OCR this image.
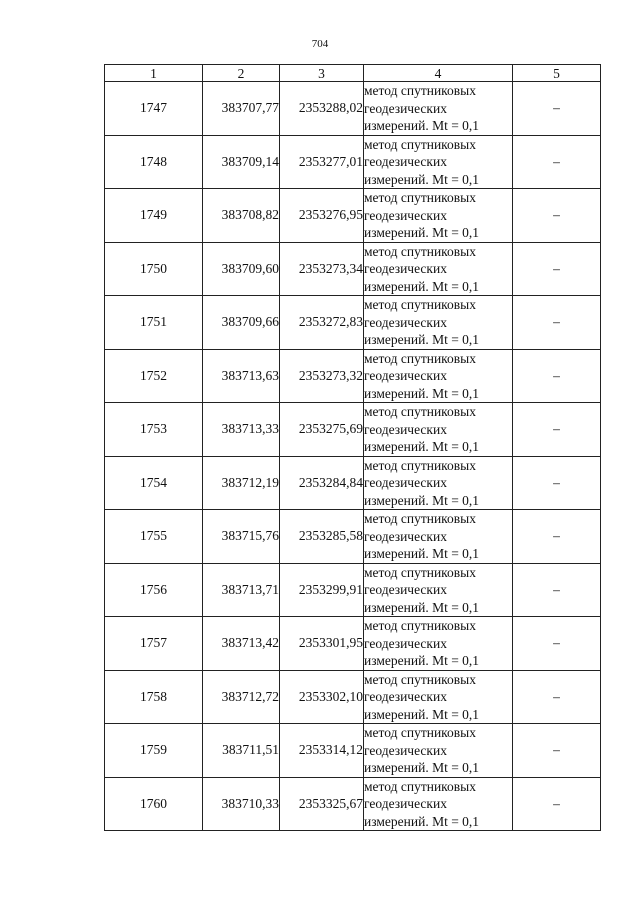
704
1	2	3	4	5
1747	383707,77	2353288,02	метод спутниковых
геодезических
измерений. Mt = 0,1	–
1748	383709,14	2353277,01	метод спутниковых
геодезических
измерений. Mt = 0,1	–
1749	383708,82	2353276,95	метод спутниковых
геодезических
измерений. Mt = 0,1	–
1750	383709,60	2353273,34	метод спутниковых
геодезических
измерений. Mt = 0,1	–
1751	383709,66	2353272,83	метод спутниковых
геодезических
измерений. Mt = 0,1	–
1752	383713,63	2353273,32	метод спутниковых
геодезических
измерений. Mt = 0,1	–
1753	383713,33	2353275,69	метод спутниковых
геодезических
измерений. Mt = 0,1	–
1754	383712,19	2353284,84	метод спутниковых
геодезических
измерений. Mt = 0,1	–
1755	383715,76	2353285,58	метод спутниковых
геодезических
измерений. Mt = 0,1	–
1756	383713,71	2353299,91	метод спутниковых
геодезических
измерений. Mt = 0,1	–
1757	383713,42	2353301,95	метод спутниковых
геодезических
измерений. Mt = 0,1	–
1758	383712,72	2353302,10	метод спутниковых
геодезических
измерений. Mt = 0,1	–
1759	383711,51	2353314,12	метод спутниковых
геодезических
измерений. Mt = 0,1	–
1760	383710,33	2353325,67	метод спутниковых
геодезических
измерений. Mt = 0,1	–
